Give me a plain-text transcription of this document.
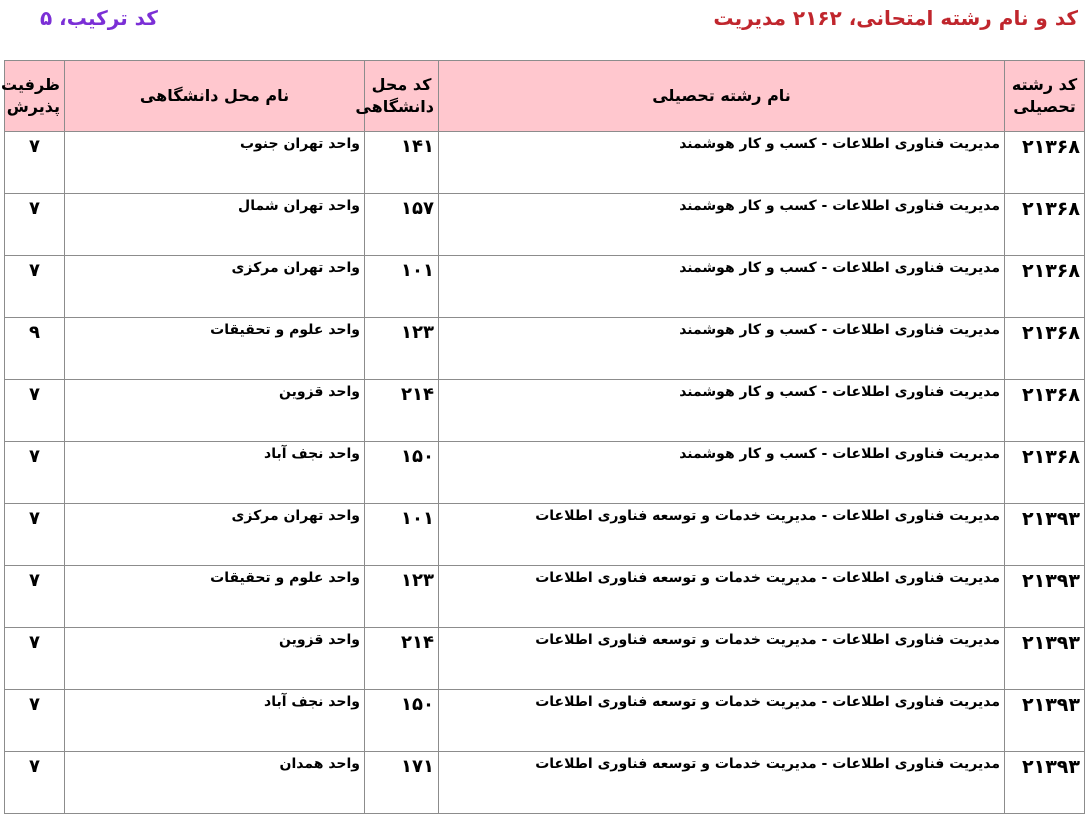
کد و نام رشته امتحانی، ۲۱۶۲ مدیریت
کد ترکیب، ۵
کد رشته تحصیلی	نام رشته تحصیلی	کد محل دانشگاهی	نام محل دانشگاهی	ظرفیت پذیرش
۲۱۳۶۸	مدیریت فناوری اطلاعات - کسب و کار هوشمند	۱۴۱	واحد تهران جنوب	۷
۲۱۳۶۸	مدیریت فناوری اطلاعات - کسب و کار هوشمند	۱۵۷	واحد تهران شمال	۷
۲۱۳۶۸	مدیریت فناوری اطلاعات - کسب و کار هوشمند	۱۰۱	واحد تهران مرکزی	۷
۲۱۳۶۸	مدیریت فناوری اطلاعات - کسب و کار هوشمند	۱۲۳	واحد علوم و تحقیقات	۹
۲۱۳۶۸	مدیریت فناوری اطلاعات - کسب و کار هوشمند	۲۱۴	واحد قزوین	۷
۲۱۳۶۸	مدیریت فناوری اطلاعات - کسب و کار هوشمند	۱۵۰	واحد نجف آباد	۷
۲۱۳۹۳	مدیریت فناوری اطلاعات - مدیریت خدمات و توسعه فناوری اطلاعات	۱۰۱	واحد تهران مرکزی	۷
۲۱۳۹۳	مدیریت فناوری اطلاعات - مدیریت خدمات و توسعه فناوری اطلاعات	۱۲۳	واحد علوم و تحقیقات	۷
۲۱۳۹۳	مدیریت فناوری اطلاعات - مدیریت خدمات و توسعه فناوری اطلاعات	۲۱۴	واحد قزوین	۷
۲۱۳۹۳	مدیریت فناوری اطلاعات - مدیریت خدمات و توسعه فناوری اطلاعات	۱۵۰	واحد نجف آباد	۷
۲۱۳۹۳	مدیریت فناوری اطلاعات - مدیریت خدمات و توسعه فناوری اطلاعات	۱۷۱	واحد همدان	۷
